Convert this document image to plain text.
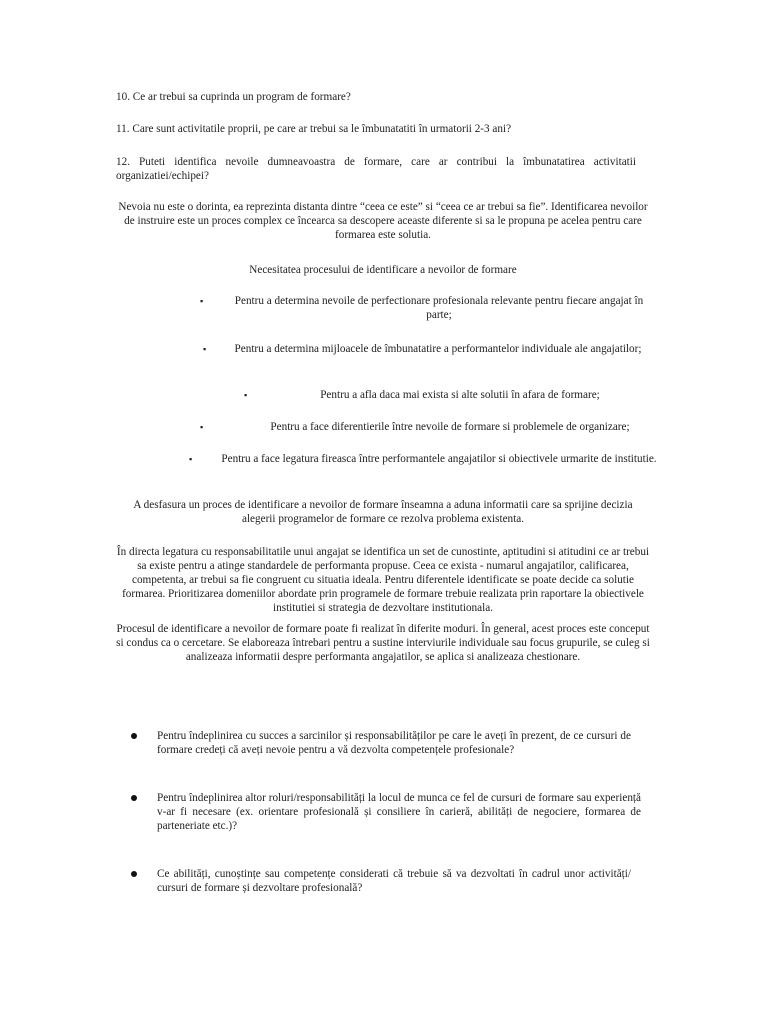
10. Ce ar trebui sa cuprinda un program de formare?

11. Care sunt activitatile proprii, pe care ar trebui sa le îmbunatatiti în urmatorii 2-3 ani?

12. Puteti identifica nevoile dumneavoastra de formare, care ar contribui la îmbunatatirea activitatii organizatiei/echipei?

Nevoia nu este o dorinta, ea reprezinta distanta dintre “ceea ce este” si “ceea ce ar trebui sa fie”. Identificarea nevoilor de instruire este un proces complex ce încearca sa descopere aceaste diferente si sa le propuna pe acelea pentru care formarea este solutia.

Necesitatea procesului de identificare a nevoilor de formare

▪	Pentru a determina nevoile de perfectionare profesionala relevante pentru fiecare angajat în parte;
▪	Pentru a determina mijloacele de îmbunatatire a performantelor individuale ale angajatilor;
▪	Pentru a afla daca mai exista si alte solutii în afara de formare;
▪	Pentru a face diferentierile între nevoile de formare si problemele de organizare;
▪	Pentru a face legatura fireasca între performantele angajatilor si obiectivele urmarite de institutie.

A desfasura un proces de identificare a nevoilor de formare înseamna a aduna informatii care sa sprijine decizia alegerii programelor de formare ce rezolva problema existenta.

În directa legatura cu responsabilitatile unui angajat se identifica un set de cunostinte, aptitudini si atitudini ce ar trebui sa existe pentru a atinge standardele de performanta propuse. Ceea ce exista - numarul angajatilor, calificarea, competenta, ar trebui sa fie congruent cu situatia ideala. Pentru diferentele identificate se poate decide ca solutie formarea. Prioritizarea domeniilor abordate prin programele de formare trebuie realizata prin raportare la obiectivele institutiei si strategia de dezvoltare institutionala.

Procesul de identificare a nevoilor de formare poate fi realizat în diferite moduri. În general, acest proces este conceput si condus ca o cercetare. Se elaboreaza întrebari pentru a sustine interviurile individuale sau focus grupurile, se culeg si analizeaza informatii despre performanta angajatilor, se aplica si analizeaza chestionare.

Pentru îndeplinirea cu succes a sarcinilor și responsabilităților pe care le aveți în prezent, de ce cursuri de formare credeți că aveți nevoie pentru a vă dezvolta competențele profesionale?

Pentru îndeplinirea altor roluri/responsabilități la locul de munca ce fel de cursuri de formare sau experiență v-ar fi necesare (ex. orientare profesională și consiliere în carieră, abilități de negociere, formarea de parteneriate etc.)?

Ce abilități, cunoștințe sau competențe considerati că trebuie să va dezvoltati în cadrul unor activități/ cursuri de formare și dezvoltare profesională?
